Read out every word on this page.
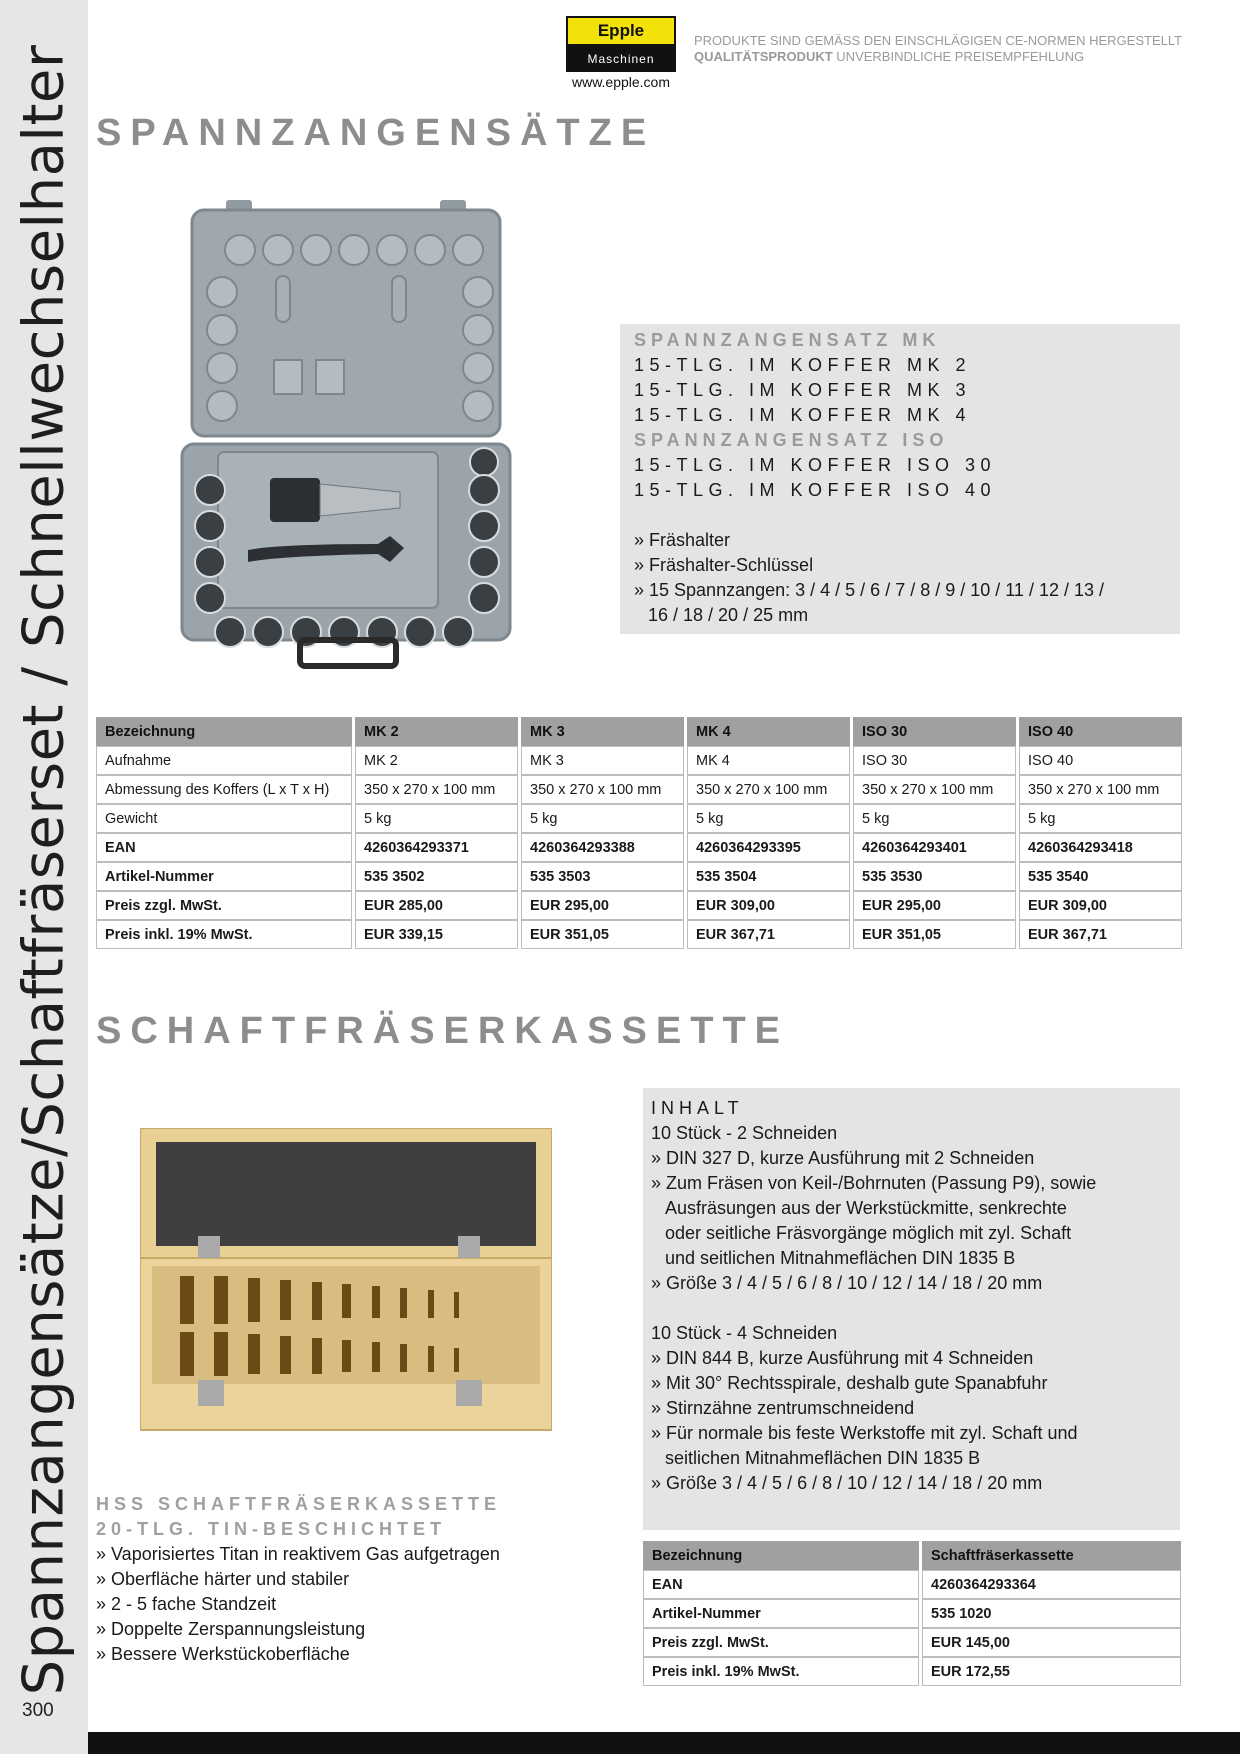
Spannzangensätze/Schaftfräserset / Schnellwechselhalter
300
Epple
Maschinen
www.epple.com
PRODUKTE SIND GEMÄSS DEN EINSCHLÄGIGEN CE-NORMEN HERGESTELLT
QUALITÄTSPRODUKT UNVERBINDLICHE PREISEMPFEHLUNG
SPANNZANGENSÄTZE
SPANNZANGENSATZ MK
15-TLG. IM KOFFER MK 2
15-TLG. IM KOFFER MK 3
15-TLG. IM KOFFER MK 4
SPANNZANGENSATZ ISO
15-TLG. IM KOFFER ISO 30
15-TLG. IM KOFFER ISO 40
» Fräshalter
» Fräshalter-Schlüssel
» 15 Spannzangen: 3 / 4 / 5 / 6 / 7 / 8 / 9 / 10 / 11 / 12 / 13 /
16 / 18 / 20 / 25 mm
Bezeichnung	MK 2	MK 3	MK 4	ISO 30	ISO 40
Aufnahme	MK 2	MK 3	MK 4	ISO 30	ISO 40
Abmessung des Koffers (L x T x H)	350 x 270 x 100 mm	350 x 270 x 100 mm	350 x 270 x 100 mm	350 x 270 x 100 mm	350 x 270 x 100 mm
Gewicht	5 kg	5 kg	5 kg	5 kg	5 kg
EAN	4260364293371	4260364293388	4260364293395	4260364293401	4260364293418
Artikel-Nummer	535 3502	535 3503	535 3504	535 3530	535 3540
Preis zzgl. MwSt.	EUR 285,00	EUR 295,00	EUR 309,00	EUR 295,00	EUR 309,00
Preis inkl. 19% MwSt.	EUR 339,15	EUR 351,05	EUR 367,71	EUR 351,05	EUR 367,71
SCHAFTFRÄSERKASSETTE
INHALT
10 Stück - 2 Schneiden
» DIN 327 D, kurze Ausführung mit 2 Schneiden
» Zum Fräsen von Keil-/Bohrnuten (Passung P9), sowie
Ausfräsungen aus der Werkstückmitte, senkrechte
oder seitliche Fräsvorgänge möglich mit zyl. Schaft
und seitlichen Mitnahmeflächen DIN 1835 B
» Größe 3 / 4 / 5 / 6 / 8 / 10 / 12 / 14 / 18 / 20 mm
10 Stück - 4 Schneiden
» DIN 844 B, kurze Ausführung mit 4 Schneiden
» Mit 30° Rechtsspirale, deshalb gute Spanabfuhr
» Stirnzähne zentrumschneidend
» Für normale bis feste Werkstoffe mit zyl. Schaft und
seitlichen Mitnahmeflächen DIN 1835 B
» Größe 3 / 4 / 5 / 6 / 8 / 10 / 12 / 14 / 18 / 20 mm
HSS SCHAFTFRÄSERKASSETTE
20-TLG. TIN-BESCHICHTET
» Vaporisiertes Titan in reaktivem Gas aufgetragen
» Oberfläche härter und stabiler
» 2 - 5 fache Standzeit
» Doppelte Zerspannungsleistung
» Bessere Werkstückoberfläche
Bezeichnung	Schaftfräserkassette
EAN	4260364293364
Artikel-Nummer	535 1020
Preis zzgl. MwSt.	EUR 145,00
Preis inkl. 19% MwSt.	EUR 172,55
